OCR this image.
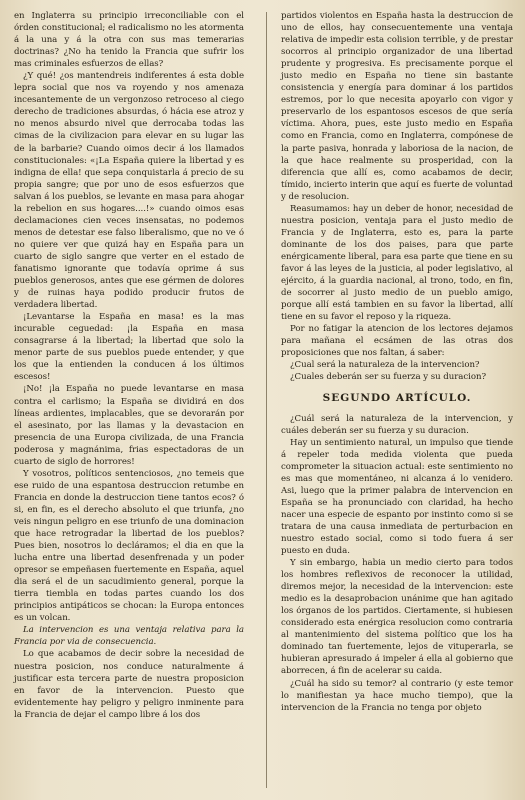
en Inglaterra su principio irreconciliable con el órden constitucional; el radicalismo no les atormenta á la una y á la otra con sus mas temerarias doctrinas? ¿No ha tenido la Francia que sufrir los mas criminales esfuerzos de ellas?

¿Y qué! ¿os mantendreis indiferentes á esta doble lepra social que nos va royendo y nos amenaza incesantemente de un vergonzoso retroceso al ciego derecho de tradiciones absurdas, ó hácia ese atroz y no menos absurdo nivel que derrocaba todas las cimas de la civilizacion para elevar en su lugar las de la barbarie? Cuando oimos decir á los llamados constitucionales: «¡La España quiere la libertad y es indigna de ella! que sepa conquistarla á precio de su propia sangre; que por uno de esos esfuerzos que salvan á los pueblos, se levante en masa para ahogar la rebelion en sus hogares....!» cuando oimos esas declamaciones cien veces insensatas, no podemos menos de detestar ese falso liberalismo, que no ve ó no quiere ver que quizá hay en España para un cuarto de siglo sangre que verter en el estado de fanatismo ignorante que todavía oprime á sus pueblos generosos, antes que ese gérmen de dolores y de ruinas haya podido producir frutos de verdadera libertad.

¡Levantarse la España en masa! es la mas incurable ceguedad: ¡la España en masa consagrarse á la libertad; la libertad que solo la menor parte de sus pueblos puede entender, y que los que la entienden la conducen á los últimos escesos!

¡No! ¡la España no puede levantarse en masa contra el carlismo; la España se dividirá en dos líneas ardientes, implacables, que se devorarán por el asesinato, por las llamas y la devastacion en presencia de una Europa civilizada, de una Francia poderosa y magnánima, frias espectadoras de un cuarto de siglo de horrores!

Y vosotros, políticos sentenciosos, ¿no temeis que ese ruido de una espantosa destruccion retumbe en Francia en donde la destruccion tiene tantos ecos? ó si, en fin, es el derecho absoluto el que triunfa, ¿no veis ningun peligro en ese triunfo de una dominacion que hace retrogradar la libertad de los pueblos? Pues bien, nosotros lo decláramos; el dia en que la lucha entre una libertad desenfrenada y un poder opresor se empeñasen fuertemente en España, aquel dia será el de un sacudimiento general, porque la tierra tiembla en todas partes cuando los dos principios antipáticos se chocan: la Europa entonces es un volcan.

La intervencion es una ventaja relativa para la Francia por via de consecuencia.

Lo que acabamos de decir sobre la necesidad de nuestra posicion, nos conduce naturalmente á justificar esta tercera parte de nuestra proposicion en favor de la intervencion. Puesto que evidentemente hay peligro y peligro inminente para la Francia de dejar el campo libre á los dos

partidos violentos en España hasta la destruccion de uno de ellos, hay consecuentemente una ventaja relativa de impedir esta colision terrible, y de prestar socorros al principio organizador de una libertad prudente y progresiva. Es precisamente porque el justo medio en España no tiene sin bastante consistencia y energía para dominar á los partidos estremos, por lo que necesita apoyarlo con vigor y preservarlo de los espantosos escesos de que sería víctima. Ahora, pues, este justo medio en España como en Francia, como en Inglaterra, compónese de la parte pasiva, honrada y laboriosa de la nacion, de la que hace realmente su prosperidad, con la diferencia que allí es, como acabamos de decir, tímido, incierto interin que aquí es fuerte de voluntad y de resolucion.

Reasumamos: hay un deber de honor, necesidad de nuestra posicion, ventaja para el justo medio de Francia y de Inglaterra, esto es, para la parte dominante de los dos paises, para que parte enérgicamente liberal, para esa parte que tiene en su favor á las leyes de la justicia, al poder legislativo, al ejército, á la guardia nacional, al trono, todo, en fin, de socorrer al justo medio de un pueblo amigo, porque allí está tambien en su favor la libertad, allí tiene en su favor el reposo y la riqueza.

Por no fatigar la atencion de los lectores dejamos para mañana el ecsámen de las otras dos proposiciones que nos faltan, á saber:

¿Cual será la naturaleza de la intervencion?

¿Cuales deberán ser su fuerza y su duracion?

SEGUNDO ARTÍCULO.

¿Cuál será la naturaleza de la intervencion, y cuáles deberán ser su fuerza y su duracion.

Hay un sentimiento natural, un impulso que tiende á repeler toda medida violenta que pueda comprometer la situacion actual: este sentimiento no es mas que momentáneo, ni alcanza á lo venidero. Asi, luego que la primer palabra de intervencion en España se ha pronunciado con claridad, ha hecho nacer una especie de espanto por instinto como si se tratara de una causa inmediata de perturbacion en nuestro estado social, como si todo fuera á ser puesto en duda.

Y sin embargo, habia un medio cierto para todos los hombres reflexivos de reconocer la utilidad, diremos mejor, la necesidad de la intervencion: este medio es la desaprobacion unánime que han agitado los órganos de los partidos. Ciertamente, si hubiesen considerado esta enérgica resolucion como contraria al mantenimiento del sistema político que los ha dominado tan fuertemente, lejos de vituperarla, se hubieran apresurado á impeler á ella al gobierno que aborrecen, á fin de acelerar su caida.

¿Cuál ha sido su temor? al contrario (y este temor lo manifiestan ya hace mucho tiempo), que la intervencion de la Francia no tenga por objeto
